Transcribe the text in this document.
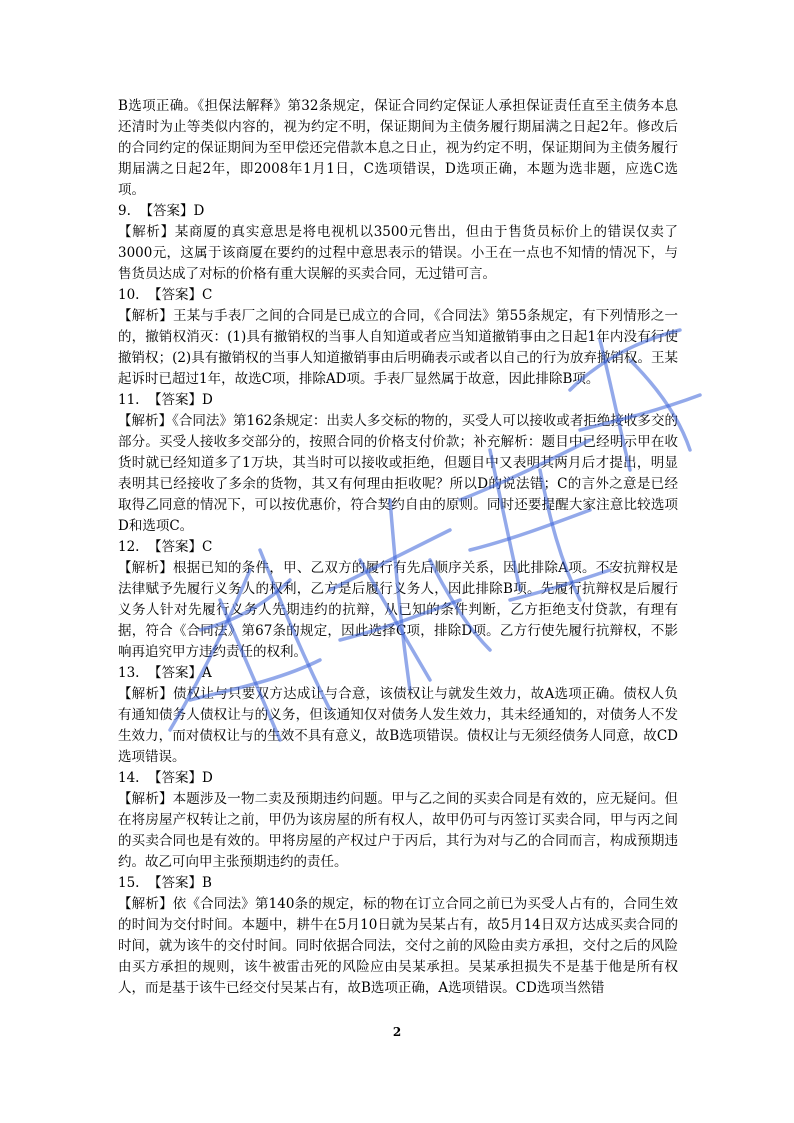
B选项正确。《担保法解释》第32条规定，保证合同约定保证人承担保证责任直至主债务本息还清时为止等类似内容的，视为约定不明，保证期间为主债务履行期届满之日起2年。修改后的合同约定的保证期间为至甲偿还完借款本息之日止，视为约定不明，保证期间为主债务履行期届满之日起2年，即2008年1月1日，C选项错误，D选项正确，本题为选非题，应选C选项。

9.  【答案】D

【解析】某商厦的真实意思是将电视机以3500元售出，但由于售货员标价上的错误仅卖了3000元，这属于该商厦在要约的过程中意思表示的错误。小王在一点也不知情的情况下，与售货员达成了对标的价格有重大误解的买卖合同，无过错可言。

10.  【答案】C

【解析】王某与手表厂之间的合同是已成立的合同，《合同法》第55条规定，有下列情形之一的，撤销权消灭：(1)具有撤销权的当事人自知道或者应当知道撤销事由之日起1年内没有行使撤销权；(2)具有撤销权的当事人知道撤销事由后明确表示或者以自己的行为放弃撤销权。王某起诉时已超过1年，故选C项，排除AD项。手表厂显然属于故意，因此排除B项。

11.  【答案】D

【解析】《合同法》第162条规定：出卖人多交标的物的，买受人可以接收或者拒绝接收多交的部分。买受人接收多交部分的，按照合同的价格支付价款；补充解析：题目中已经明示甲在收货时就已经知道多了1万块，其当时可以接收或拒绝，但题目中又表明其两月后才提出，明显表明其已经接收了多余的货物，其又有何理由拒收呢？所以D的说法错；C的言外之意是已经取得乙同意的情况下，可以按优惠价，符合契约自由的原则。同时还要提醒大家注意比较选项D和选项C。

12.  【答案】C

【解析】根据已知的条件，甲、乙双方的履行有先后顺序关系，因此排除A项。不安抗辩权是法律赋予先履行义务人的权利，乙方是后履行义务人，因此排除B项。先履行抗辩权是后履行义务人针对先履行义务人先期违约的抗辩，从已知的条件判断，乙方拒绝支付贷款，有理有据，符合《合同法》第67条的规定，因此选择C项，排除D项。乙方行使先履行抗辩权，不影响再追究甲方违约责任的权利。

13.  【答案】A

【解析】债权让与只要双方达成让与合意，该债权让与就发生效力，故A选项正确。债权人负有通知债务人债权让与的义务，但该通知仅对债务人发生效力，其未经通知的，对债务人不发生效力，而对债权让与的生效不具有意义，故B选项错误。债权让与无须经债务人同意，故CD选项错误。

14.  【答案】D

【解析】本题涉及一物二卖及预期违约问题。甲与乙之间的买卖合同是有效的，应无疑问。但在将房屋产权转让之前，甲仍为该房屋的所有权人，故甲仍可与丙签订买卖合同，甲与丙之间的买卖合同也是有效的。甲将房屋的产权过户于丙后，其行为对与乙的合同而言，构成预期违约。故乙可向甲主张预期违约的责任。

15.  【答案】B

【解析】依《合同法》第140条的规定，标的物在订立合同之前已为买受人占有的，合同生效的时间为交付时间。本题中，耕牛在5月10日就为吴某占有，故5月14日双方达成买卖合同的时间，就为该牛的交付时间。同时依据合同法，交付之前的风险由卖方承担，交付之后的风险由买方承担的规则，该牛被雷击死的风险应由吴某承担。吴某承担损失不是基于他是所有权人，而是基于该牛已经交付吴某占有，故B选项正确，A选项错误。CD选项当然错

2
